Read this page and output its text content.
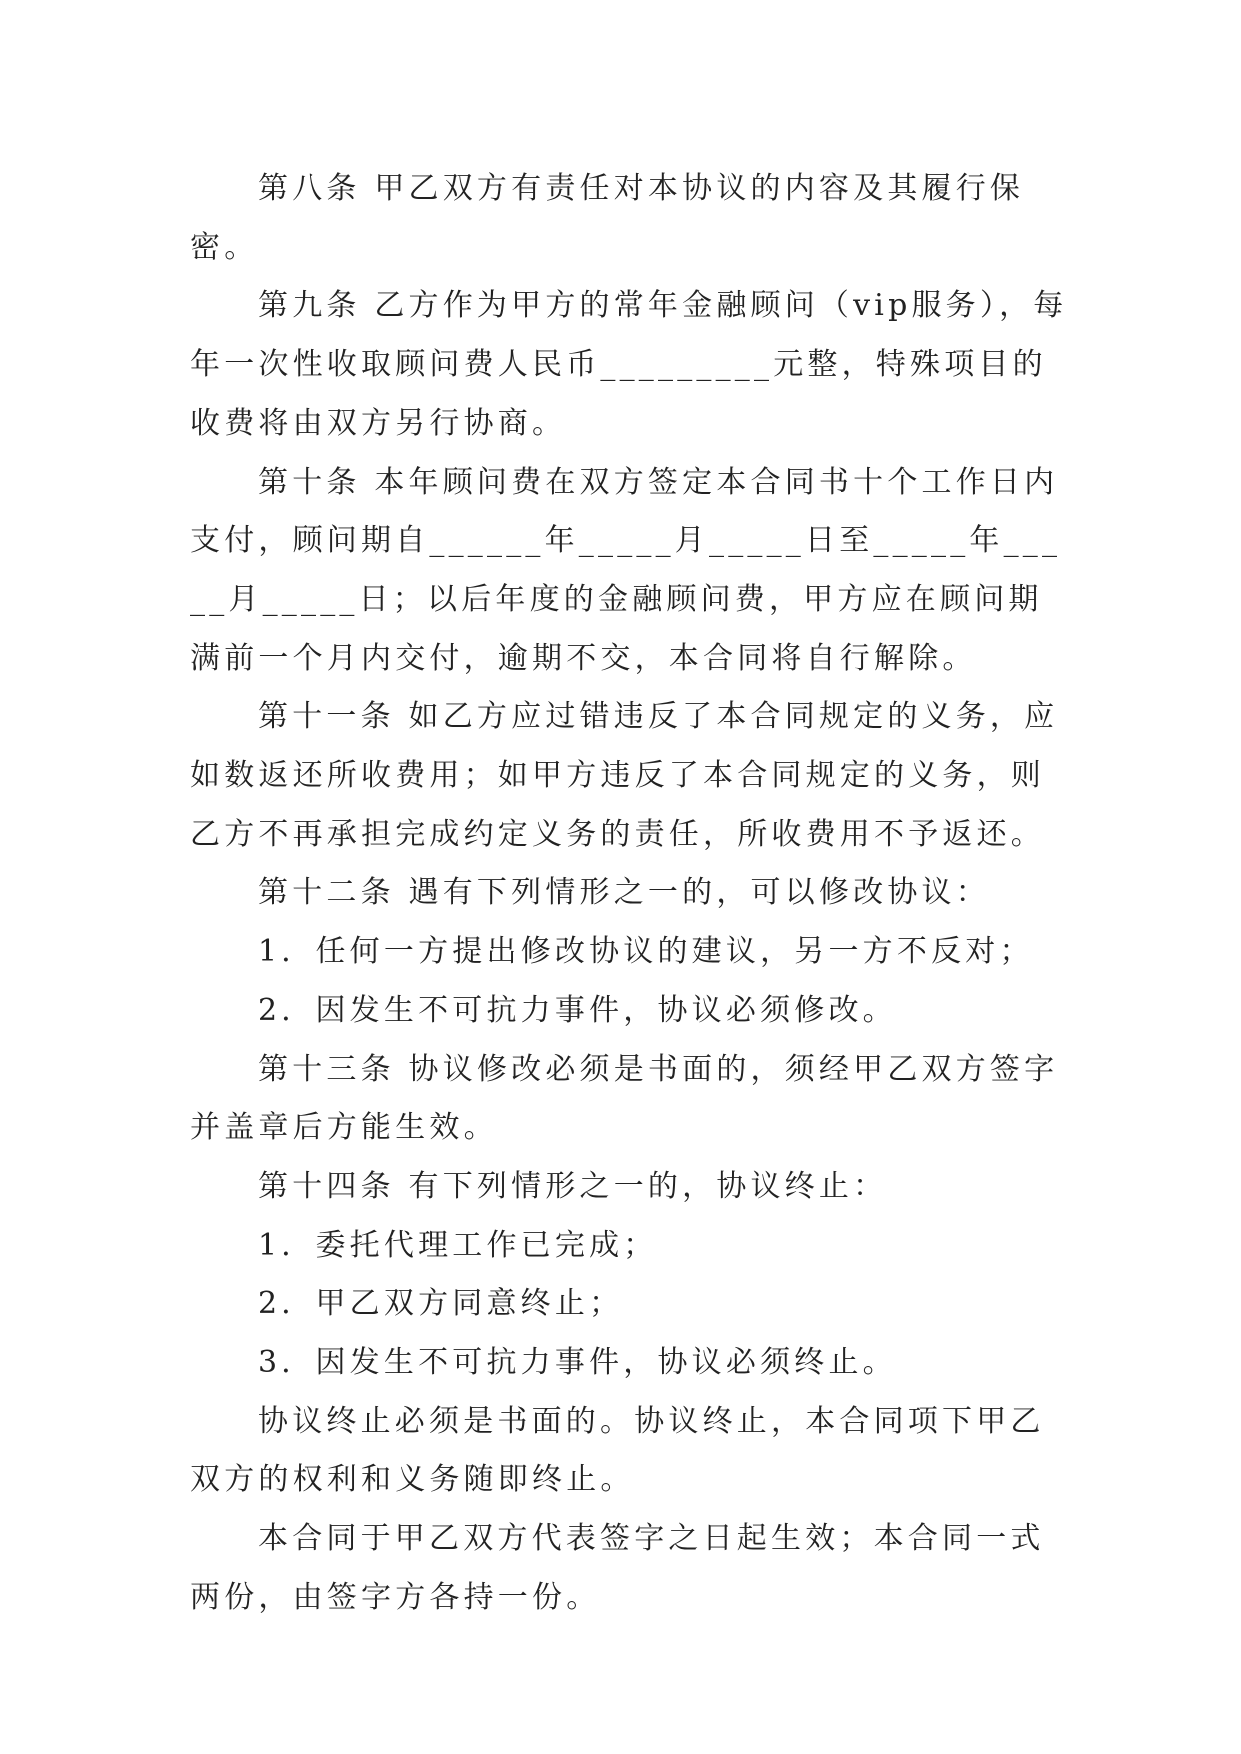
第八条 甲乙双方有责任对本协议的内容及其履行保密。

第九条 乙方作为甲方的常年金融顾问（vip服务），每年一次性收取顾问费人民币_________元整，特殊项目的收费将由双方另行协商。

第十条 本年顾问费在双方签定本合同书十个工作日内支付，顾问期自______年_____月_____日至_____年_____月_____日；以后年度的金融顾问费，甲方应在顾问期满前一个月内交付，逾期不交，本合同将自行解除。

第十一条 如乙方应过错违反了本合同规定的义务，应如数返还所收费用；如甲方违反了本合同规定的义务，则乙方不再承担完成约定义务的责任，所收费用不予返还。

第十二条 遇有下列情形之一的，可以修改协议：

1．任何一方提出修改协议的建议，另一方不反对；

2．因发生不可抗力事件，协议必须修改。

第十三条 协议修改必须是书面的，须经甲乙双方签字并盖章后方能生效。

第十四条 有下列情形之一的，协议终止：

1．委托代理工作已完成；

2．甲乙双方同意终止；

3．因发生不可抗力事件，协议必须终止。

协议终止必须是书面的。协议终止，本合同项下甲乙双方的权利和义务随即终止。

本合同于甲乙双方代表签字之日起生效；本合同一式两份，由签字方各持一份。
